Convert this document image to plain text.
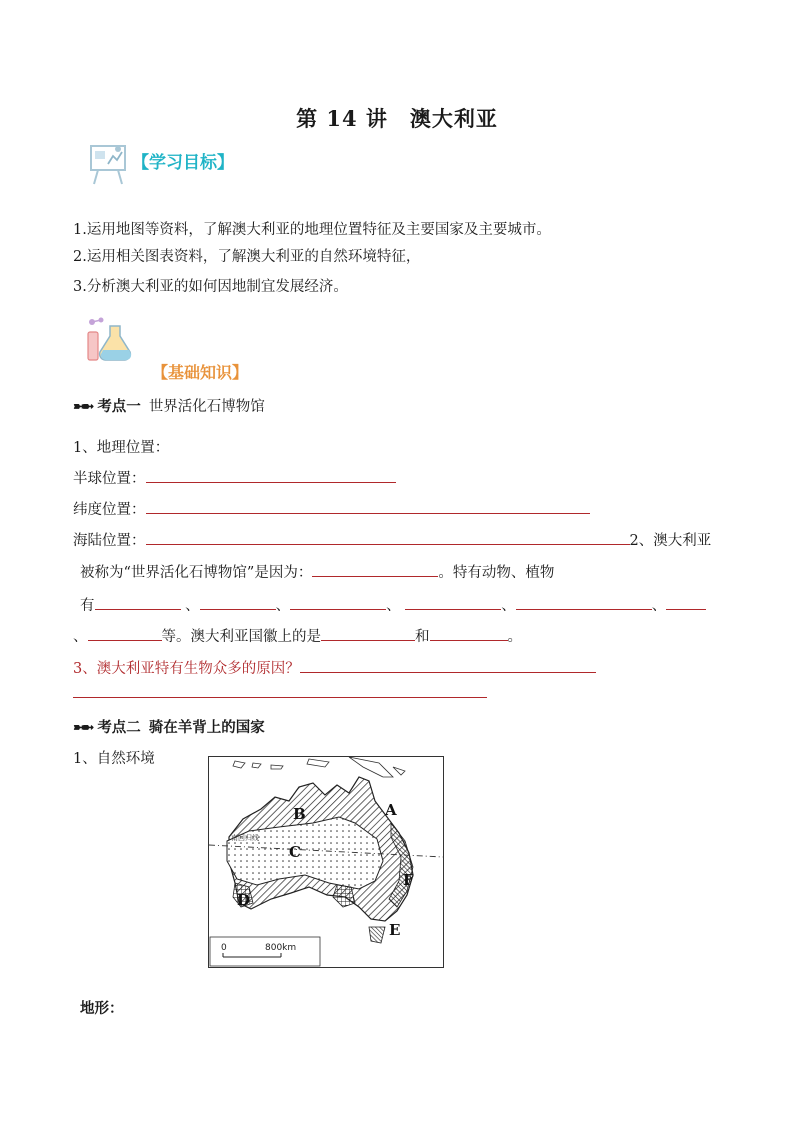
第 14 讲　澳大利亚
【学习目标】
1.运用地图等资料，了解澳大利亚的地理位置特征及主要国家及主要城市。
2.运用相关图表资料，了解澳大利亚的自然环境特征，
3.分析澳大利亚的如何因地制宜发展经济。
【基础知识】
➼➼ 考点一 世界活化石博物馆
1、地理位置：
半球位置：
纬度位置：
海陆位置：	2、澳大利亚
被称为“世界活化石博物馆”是因为：	。特有动物、植物
有	、	、	、	、	、
、	等。澳大利亚国徽上的是	和	。
3、澳大利亚特有生物众多的原因？
➼➼ 考点二 骑在羊背上的国家
1、自然环境
南回归线
A
B
C
D
E
F
0	800km
地形：
